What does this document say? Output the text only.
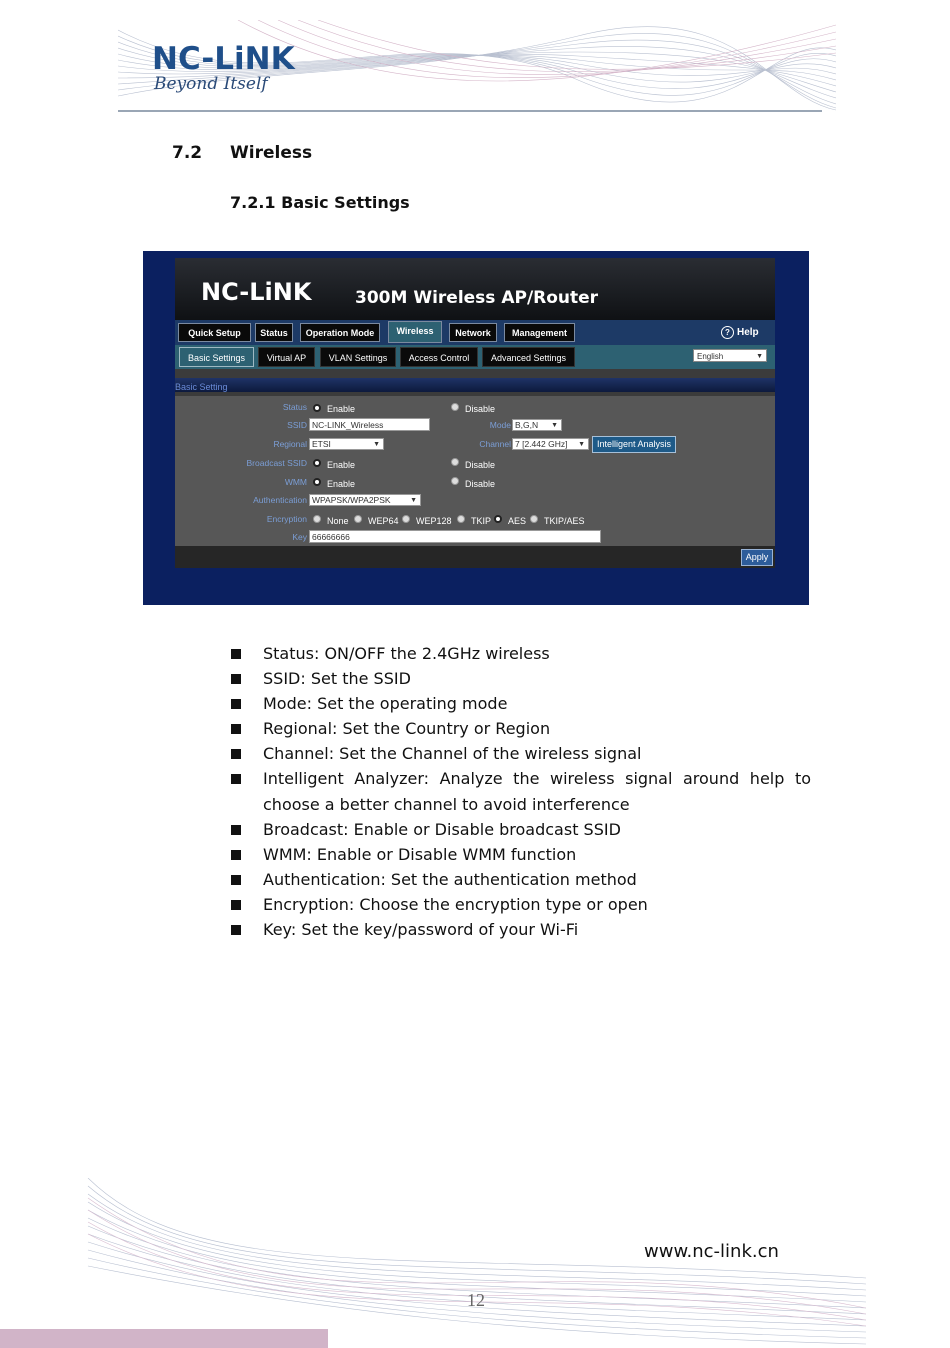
NC-LiNK
Beyond Itself
7.2 Wireless
7.2.1 Basic Settings
NC-LiNK	300M Wireless AP/Router
Quick Setup	Status	Operation Mode	Wireless	Network	Management	? Help
Basic Settings	Virtual AP	VLAN Settings	Access Control	Advanced Settings	English	▼
Basic Setting
Status Enable	Disable
SSID NC-LINK_Wireless	Mode B,G,N ▼
Regional ETSI	▼	Channel 7 [2.442 GHz] ▼
Broadcast SSID Enable	Disable
WMM Enable	Disable
Authentication WPAPSK/WPA2PSK	▼
Encryption None WEP64 WEP128 TKIP AES TKIP/AES
Key 66666666
Intelligent Analysis
Apply
Status: ON/OFF the 2.4GHz wireless
SSID: Set the SSID
Mode: Set the operating mode
Regional: Set the Country or Region
Channel: Set the Channel of the wireless signal
Intelligent Analyzer: Analyze the wireless signal around help to choose a better channel to avoid interference
Broadcast: Enable or Disable broadcast SSID
WMM: Enable or Disable WMM function
Authentication: Set the authentication method
Encryption: Choose the encryption type or open
Key: Set the key/password of your Wi-Fi
www.nc-link.cn
12
